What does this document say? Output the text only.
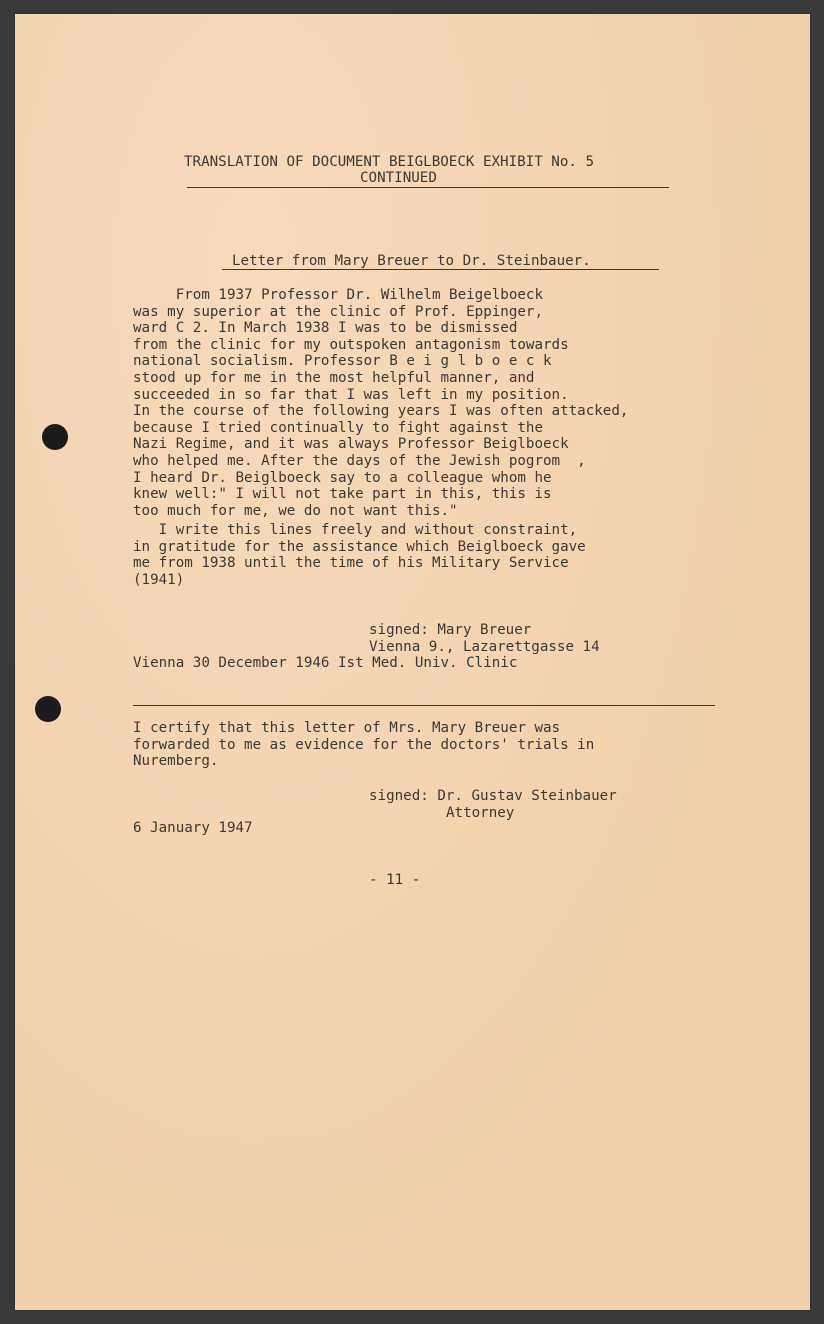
TRANSLATION OF DOCUMENT BEIGLBOECK EXHIBIT No. 5

CONTINUED

Letter from Mary Breuer to Dr. Steinbauer.

From 1937 Professor Dr. Wilhelm Beigelboeck

was my superior at the clinic of Prof. Eppinger,

ward C 2. In March 1938 I was to be dismissed

from the clinic for my outspoken antagonism towards

national socialism. Professor B e i g l b o e c k

stood up for me in the most helpful manner, and

succeeded in so far that I was left in my position.

In the course of the following years I was often attacked,

because I tried continually to fight against the

Nazi Regime, and it was always Professor Beiglboeck

who helped me. After the days of the Jewish pogrom  ,

I heard Dr. Beiglboeck say to a colleague whom he

knew well:" I will not take part in this, this is

too much for me, we do not want this."

I write this lines freely and without constraint,

in gratitude for the assistance which Beiglboeck gave

me from 1938 until the time of his Military Service

(1941)

signed: Mary Breuer

Vienna 9., Lazarettgasse 14

Vienna 30 December 1946 Ist Med. Univ. Clinic

I certify that this letter of Mrs. Mary Breuer was

forwarded to me as evidence for the doctors' trials in

Nuremberg.

signed: Dr. Gustav Steinbauer

Attorney

6 January 1947

- 11 -
